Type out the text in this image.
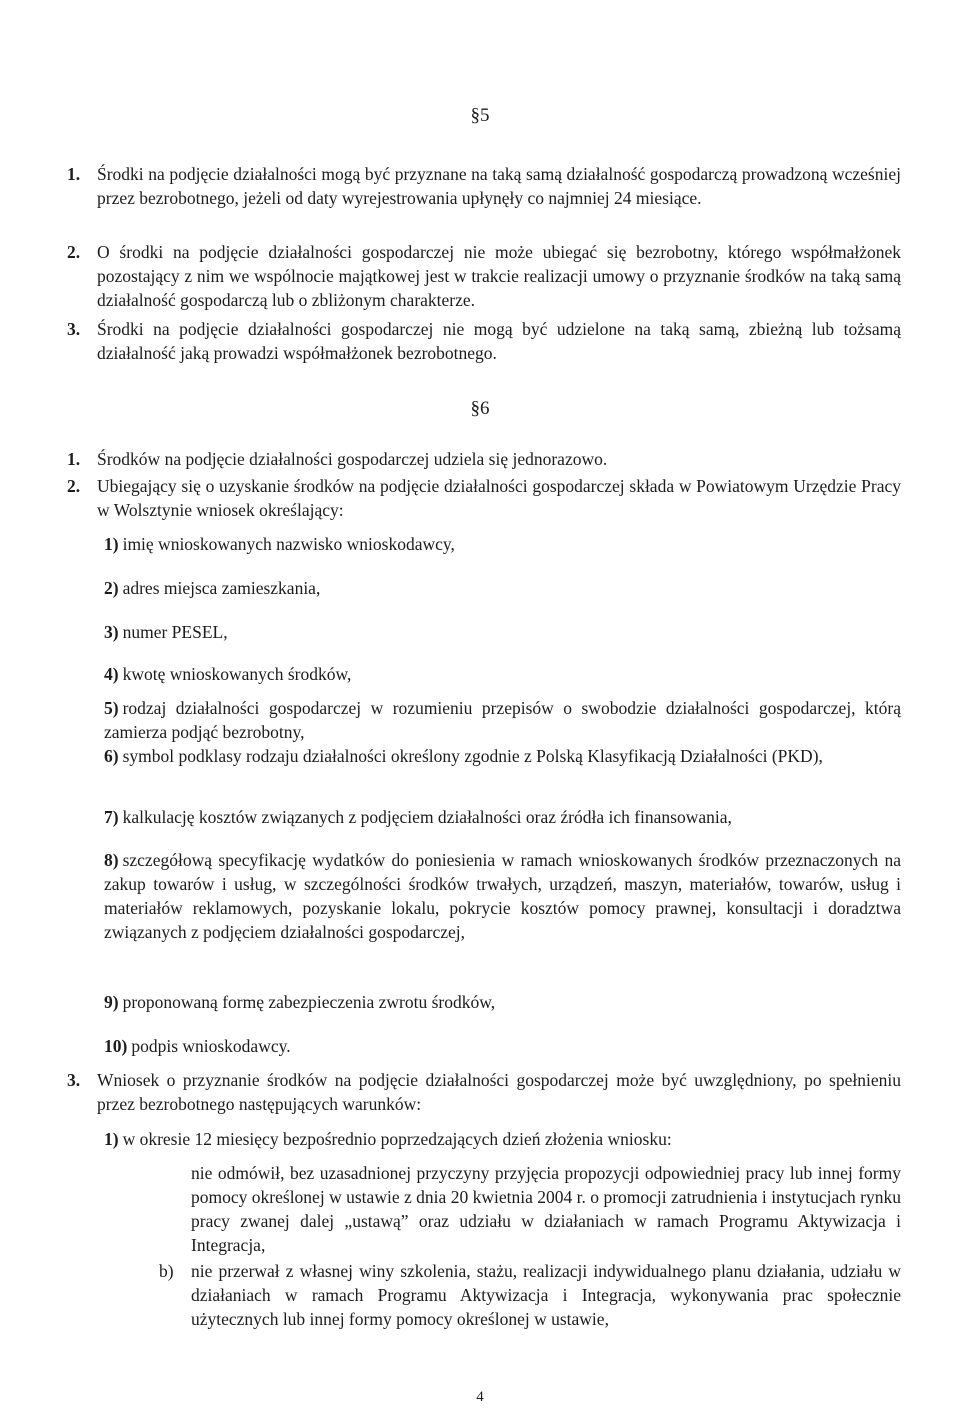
§5
1. Środki na podjęcie działalności mogą być przyznane na taką samą działalność gospodarczą prowadzoną wcześniej przez bezrobotnego, jeżeli od daty wyrejestrowania upłynęły co najmniej 24 miesiące.
2. O środki na podjęcie działalności gospodarczej nie może ubiegać się bezrobotny, którego współmałżonek pozostający z nim we wspólnocie majątkowej jest w trakcie realizacji umowy o przyznanie środków na taką samą działalność gospodarczą lub o zbliżonym charakterze.
3. Środki na podjęcie działalności gospodarczej nie mogą być udzielone na taką samą, zbieżną lub tożsamą działalność jaką prowadzi współmałżonek bezrobotnego.
§6
1. Środków na podjęcie działalności gospodarczej udziela się jednorazowo.
2. Ubiegający się o uzyskanie środków na podjęcie działalności gospodarczej składa w Powiatowym Urzędzie Pracy w Wolsztynie wniosek określający:
1) imię wnioskowanych nazwisko wnioskodawcy,
2) adres miejsca zamieszkania,
3) numer PESEL,
4) kwotę wnioskowanych środków,
5) rodzaj działalności gospodarczej w rozumieniu przepisów o swobodzie działalności gospodarczej, którą zamierza podjąć bezrobotny,
6) symbol podklasy rodzaju działalności określony zgodnie z Polską Klasyfikacją Działalności (PKD),
7) kalkulację kosztów związanych z podjęciem działalności oraz źródła ich finansowania,
8) szczegółową specyfikację wydatków do poniesienia w ramach wnioskowanych środków przeznaczonych na zakup towarów i usług, w szczególności środków trwałych, urządzeń, maszyn, materiałów, towarów, usług i materiałów reklamowych, pozyskanie lokalu, pokrycie kosztów pomocy prawnej, konsultacji i doradztwa związanych z podjęciem działalności gospodarczej,
9) proponowaną formę zabezpieczenia zwrotu środków,
10) podpis wnioskodawcy.
3. Wniosek o przyznanie środków na podjęcie działalności gospodarczej może być uwzględniony, po spełnieniu przez bezrobotnego następujących warunków:
1) w okresie 12 miesięcy bezpośrednio poprzedzających dzień złożenia wniosku:
nie odmówił, bez uzasadnionej przyczyny przyjęcia propozycji odpowiedniej pracy lub innej formy pomocy określonej w ustawie z dnia 20 kwietnia 2004 r. o promocji zatrudnienia i instytucjach rynku pracy zwanej dalej „ustawą” oraz udziału w działaniach w ramach Programu Aktywizacja i Integracja,
b) nie przerwał z własnej winy szkolenia, stażu, realizacji indywidualnego planu działania, udziału w działaniach w ramach Programu Aktywizacja i Integracja, wykonywania prac społecznie użytecznych lub innej formy pomocy określonej w ustawie,
4
